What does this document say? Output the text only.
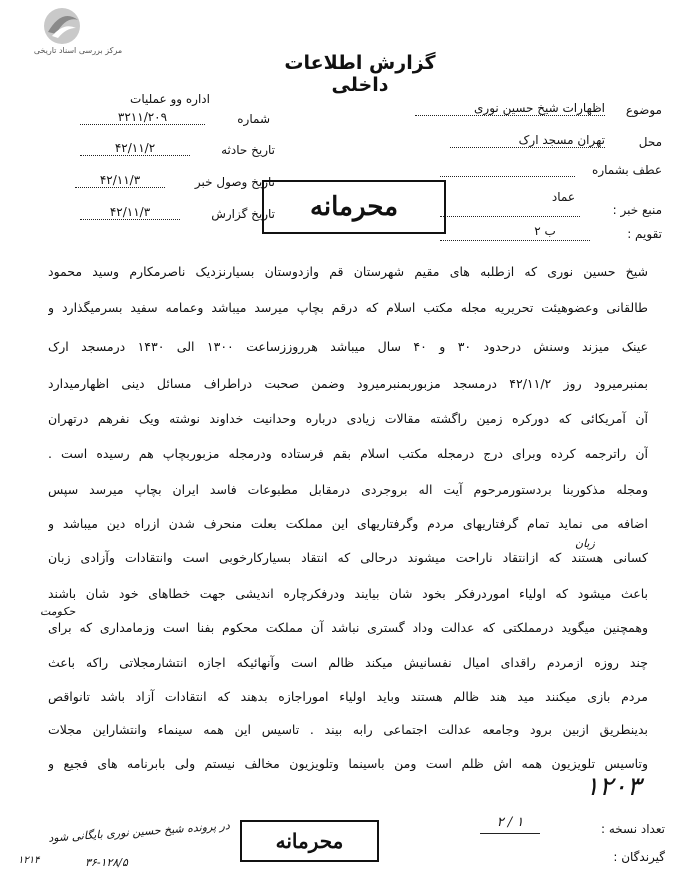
مرکز بررسی اسناد تاریخی
گزارش اطلاعات داخلی
اداره وو عملیات
شماره
۳۲۱۱/۲۰۹
تاریخ حادثه
۴۲/۱۱/۲
تاریخ وصول خبر
۴۲/۱۱/۳
تاریخ گزارش
۴۲/۱۱/۳
موضوع
اظهارات شیخ حسین نوری
محل
تهران مسجد ارک
عطف بشماره
منبع خبر :
عماد
تقویم :
ب ۲
محرمانه
شیخ حسین نوری که ازطلبه های مقیم شهرستان قم وازدوستان بسیارنزدیک ناصرمکارم وسید محمود
طالقانی وعضوهیئت تحریریه مجله مکتب اسلام که درقم بچاپ میرسد میباشد وعمامه سفید بسرمیگذارد و
عینک میزند وسنش درحدود ۳۰ و ۴۰ سال میباشد هرروززساعت ۱۳۰۰ الی ۱۴۳۰ درمسجد ارک
بمنبرمیرود روز ۴۲/۱۱/۲ درمسجد مزبوربمنبرمیرود وضمن صحبت دراطراف مسائل دینی اظهارمیدارد
آن آمریکائی که دورکره زمین راگشته مقالات زیادی درباره وحدانیت خداوند نوشته ویک نفرهم درتهران
آن راترجمه کرده وبرای درج درمجله مکتب اسلام بقم فرستاده ودرمجله مزبوربچاپ هم رسیده است .
ومجله مذکوربنا بردستورمرحوم آیت اله بروجردی درمقابل مطبوعات فاسد ایران بچاپ میرسد سپس
اضافه می نماید تمام گرفتاریهای مردم وگرفتاریهای این مملکت بعلت منحرف شدن ازراه دین میباشد و
کسانی هستند که ازانتقاد ناراحت میشوند درحالی که انتقاد بسیارکارخوبی است وانتقادات وآزادی زبان
باعث میشود که اولیاء اموردرفکر بخود شان بیایند ودرفکرچاره اندیشی جهت خطاهای خود شان باشند
وهمچنین میگوید درمملکتی که عدالت وداد گستری نباشد آن مملکت محکوم بفنا است وزمامداری که برای
چند روزه ازمردم راقدای امیال نفسانیش میکند ظالم است وآنهائیکه اجازه انتشارمجلاتی راکه باعث
مردم بازی میکنند مید هند ظالم هستند وباید اولیاء اموراجازه بدهند که انتقادات آزاد باشد تانواقص
بدینطریق ازبین برود وجامعه عدالت اجتماعی رابه بیند . تاسیس این همه سینماء وانتشاراین مجلات
وتاسیس تلویزیون همه اش ظلم است ومن باسینما وتلویزیون مخالف نیستم ولی بابرنامه های فجیع و
زبان
حکومت
۱۲۰۳
تعداد نسخه :
۲ / ۱
گیرندگان :
محرمانه
در پرونده شیخ حسین نوری بایگانی شود
۳۶-۱۲۸/۵
۱۲۱۴
